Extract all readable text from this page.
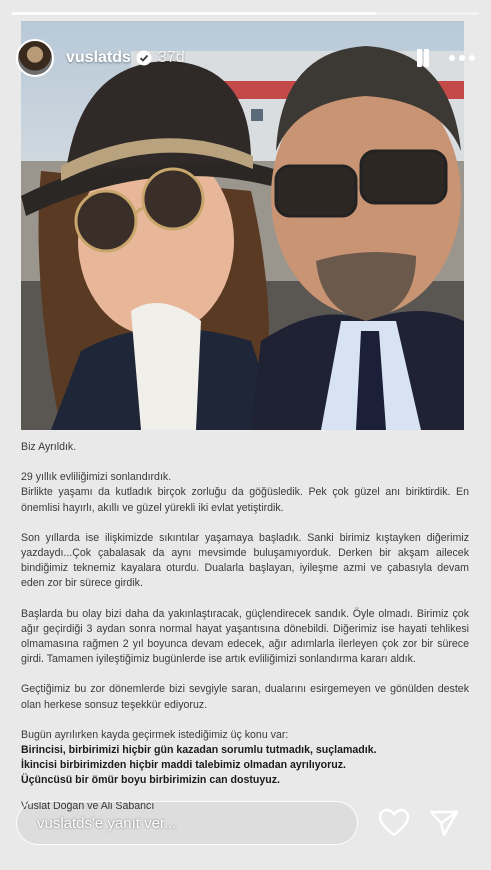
vuslatds 37d

Biz Ayrıldık.

29 yıllık evliliğimizi sonlandırdık.

Birlikte yaşamı da kutladık birçok zorluğu da göğüsledik. Pek çok güzel anı biriktirdik. En önemlisi hayırlı, akıllı ve güzel yürekli iki evlat yetiştirdik.

Son yıllarda ise ilişkimizde sıkıntılar yaşamaya başladık. Sanki birimiz kıştayken diğerimiz yazdaydı...Çok çabalasak da aynı mevsimde buluşamıyorduk. Derken bir akşam ailecek bindiğimiz teknemiz kayalara oturdu. Dualarla başlayan, iyileşme azmi ve çabasıyla devam eden zor bir sürece girdik.

Başlarda bu olay bizi daha da yakınlaştıracak, güçlendirecek sandık. Öyle olmadı. Birimiz çok ağır geçirdiği 3 aydan sonra normal hayat yaşantısına dönebildi. Diğerimiz ise hayati tehlikesi olmamasına rağmen 2 yıl boyunca devam edecek, ağır adımlarla ilerleyen çok zor bir sürece girdi. Tamamen iyileştiğimiz bugünlerde ise artık evliliğimizi sonlandırma kararı aldık.

Geçtiğimiz bu zor dönemlerde bizi sevgiyle saran, dualarını esirgemeyen ve gönülden destek olan herkese sonsuz teşekkür ediyoruz.

Bugün ayrılırken kayda geçirmek istediğimiz üç konu var:

Birincisi, birbirimizi hiçbir gün kazadan sorumlu tutmadık, suçlamadık.

İkincisi birbirimizden hiçbir maddi talebimiz olmadan ayrılıyoruz.

Üçüncüsü bir ömür boyu birbirimizin can dostuyuz.

Vuslat Doğan ve Ali Sabancı

vuslatds'e yanıt ver...
